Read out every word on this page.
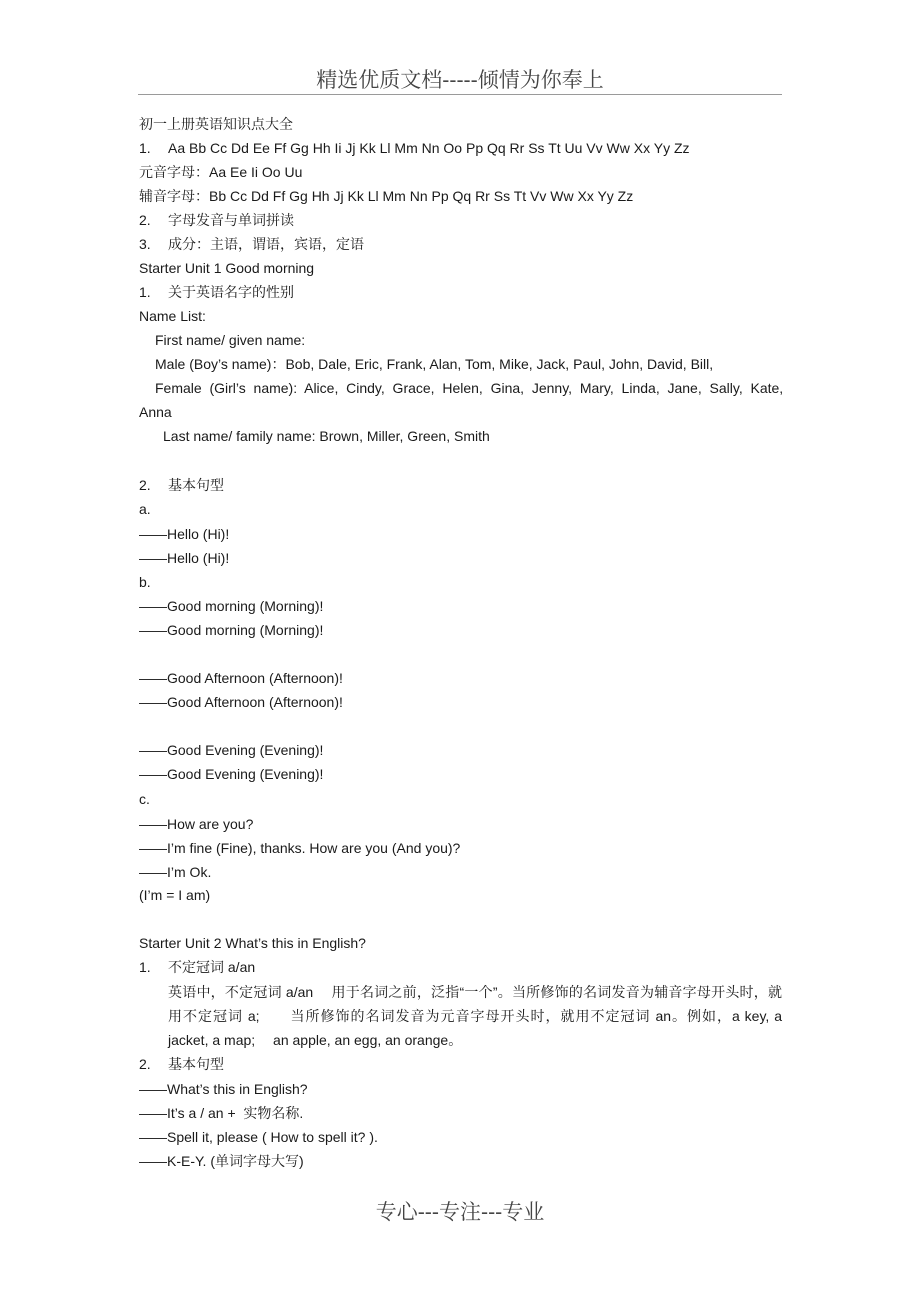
精选优质文档-----倾情为你奉上
初一上册英语知识点大全
1. Aa Bb Cc Dd Ee Ff Gg Hh Ii Jj Kk Ll Mm Nn Oo Pp Qq Rr Ss Tt Uu Vv Ww Xx Yy Zz
元音字母：Aa Ee Ii Oo Uu
辅音字母：Bb Cc Dd Ff Gg Hh Jj Kk Ll Mm Nn Pp Qq Rr Ss Tt Vv Ww Xx Yy Zz
2. 字母发音与单词拼读
3. 成分：主语，谓语，宾语，定语
Starter Unit 1 Good morning
1. 关于英语名字的性别
Name List:
First name/ given name:
Male (Boy’s name)：Bob, Dale, Eric, Frank, Alan, Tom, Mike, Jack, Paul, John, David, Bill,
Female  (Girl’s  name):  Alice,  Cindy,  Grace,  Helen,  Gina,  Jenny,  Mary,  Linda,  Jane,  Sally,  Kate,
Anna
Last name/ family name: Brown, Miller, Green, Smith
2. 基本句型
a.
——Hello (Hi)!
——Hello (Hi)!
b.
——Good morning (Morning)!
——Good morning (Morning)!
——Good Afternoon (Afternoon)!
——Good Afternoon (Afternoon)!
——Good Evening (Evening)!
——Good Evening (Evening)!
c.
——How are you?
——I’m fine (Fine), thanks. How are you (And you)?
——I’m Ok.
(I’m = I am)
Starter Unit 2 What’s this in English?
1. 不定冠词 a/an
英语中，不定冠词 a/an 　用于名词之前，泛指“一个”。当所修饰的名词发音为辅音字母开头时，就用不定冠词 a;　　当所修饰的名词发音为元音字母开头时，就用不定冠词 an。例如，a key, a jacket, a map;　 an apple, an egg, an orange。
2. 基本句型
——What’s this in English?
——It’s a / an +  实物名称.
——Spell it, please ( How to spell it? ).
——K-E-Y. (单词字母大写)
专心---专注---专业
